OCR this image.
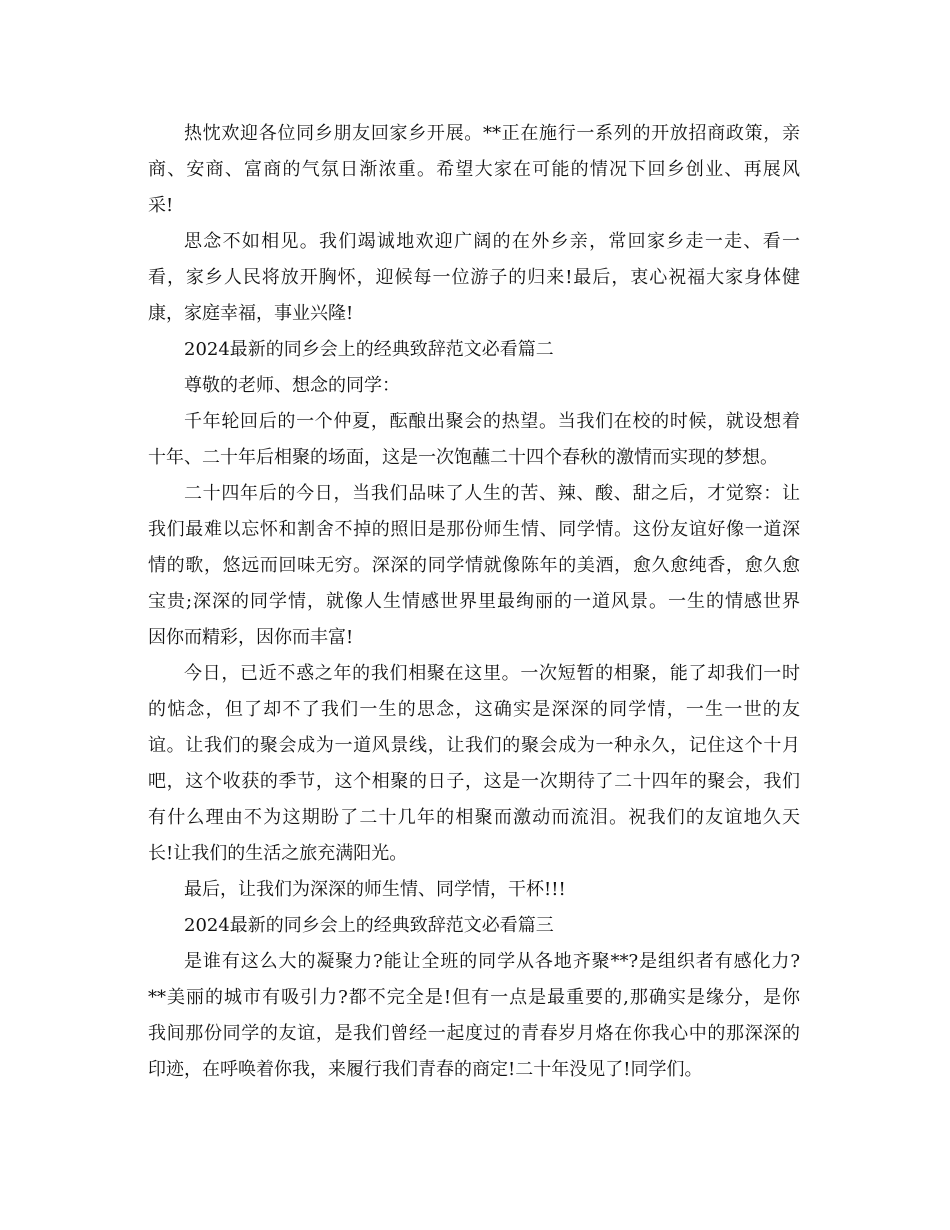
热忱欢迎各位同乡朋友回家乡开展。**正在施行一系列的开放招商政策，亲
商、安商、富商的气氛日渐浓重。希望大家在可能的情况下回乡创业、再展风
采!

思念不如相见。我们竭诚地欢迎广阔的在外乡亲，常回家乡走一走、看一
看，家乡人民将放开胸怀，迎候每一位游子的归来!最后，衷心祝福大家身体健
康，家庭幸福，事业兴隆!

2024最新的同乡会上的经典致辞范文必看篇二

尊敬的老师、想念的同学：

千年轮回后的一个仲夏，酝酿出聚会的热望。当我们在校的时候，就设想着
十年、二十年后相聚的场面，这是一次饱蘸二十四个春秋的激情而实现的梦想。

二十四年后的今日，当我们品味了人生的苦、辣、酸、甜之后，才觉察：让
我们最难以忘怀和割舍不掉的照旧是那份师生情、同学情。这份友谊好像一道深
情的歌，悠远而回味无穷。深深的同学情就像陈年的美酒，愈久愈纯香，愈久愈
宝贵;深深的同学情，就像人生情感世界里最绚丽的一道风景。一生的情感世界
因你而精彩，因你而丰富!

今日，已近不惑之年的我们相聚在这里。一次短暂的相聚，能了却我们一时
的惦念，但了却不了我们一生的思念，这确实是深深的同学情，一生一世的友
谊。让我们的聚会成为一道风景线，让我们的聚会成为一种永久，记住这个十月
吧，这个收获的季节，这个相聚的日子，这是一次期待了二十四年的聚会，我们
有什么理由不为这期盼了二十几年的相聚而激动而流泪。祝我们的友谊地久天
长!让我们的生活之旅充满阳光。

最后，让我们为深深的师生情、同学情，干杯!!!

2024最新的同乡会上的经典致辞范文必看篇三

是谁有这么大的凝聚力?能让全班的同学从各地齐聚**?是组织者有感化力?
**美丽的城市有吸引力?都不完全是!但有一点是最重要的,那确实是缘分，是你
我间那份同学的友谊，是我们曾经一起度过的青春岁月烙在你我心中的那深深的
印迹，在呼唤着你我，来履行我们青春的商定!二十年没见了!同学们。
